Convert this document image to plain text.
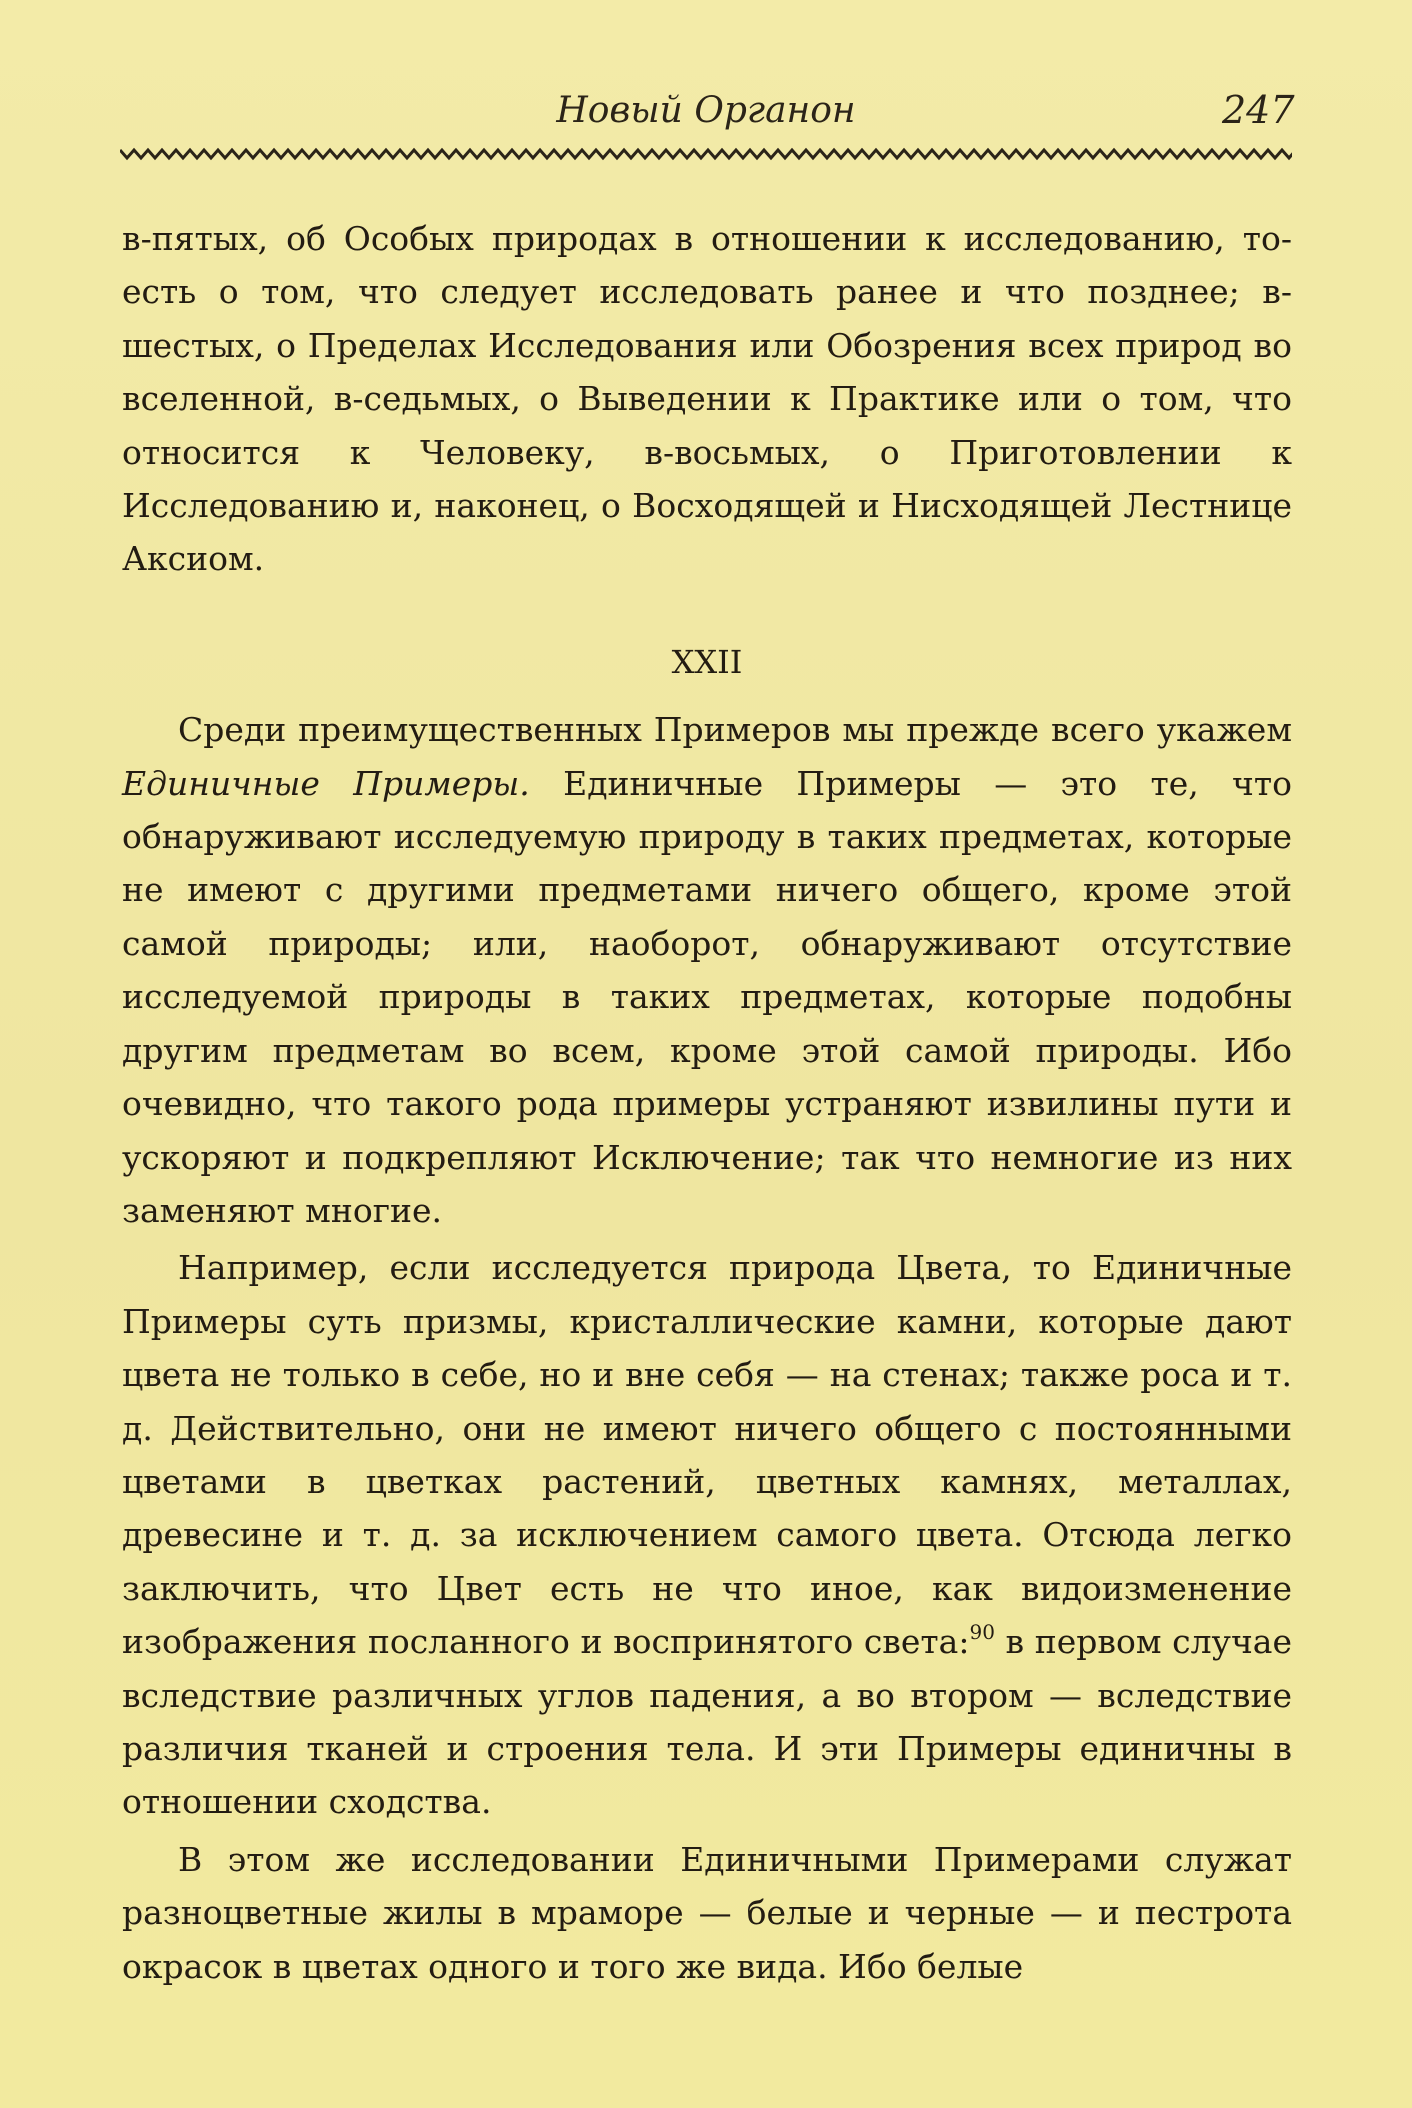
Новый Органон	247

в-пятых, об Особых природах в отношении к исследованию, то-есть о том, что следует исследовать ранее и что позднее; в-шестых, о Пределах Исследования или Обозрения всех природ во вселенной, в-седьмых, о Выведении к Практике или о том, что относится к Человеку, в-восьмых, о Приготовлении к Исследованию и, наконец, о Восходящей и Нисходящей Лестнице Аксиом.

XXII

Среди преимущественных Примеров мы прежде всего укажем Единичные Примеры. Единичные Примеры — это те, что обнаруживают исследуемую природу в таких предметах, которые не имеют с другими предметами ничего общего, кроме этой самой природы; или, наоборот, обнаруживают отсутствие исследуемой природы в таких предметах, которые подобны другим предметам во всем, кроме этой самой природы. Ибо очевидно, что такого рода примеры устраняют извилины пути и ускоряют и подкрепляют Исключение; так что немногие из них заменяют многие.

Например, если исследуется природа Цвета, то Единичные Примеры суть призмы, кристаллические камни, которые дают цвета не только в себе, но и вне себя — на стенах; также роса и т. д. Действительно, они не имеют ничего общего с постоянными цветами в цветках растений, цветных камнях, металлах, древесине и т. д. за исключением самого цвета. Отсюда легко заключить, что Цвет есть не что иное, как видоизменение изображения посланного и воспринятого света:$^{90}$ в первом случае вследствие различных углов падения, а во втором — вследствие различия тканей и строения тела. И эти Примеры единичны в отношении сходства.

В этом же исследовании Единичными Примерами служат разноцветные жилы в мраморе — белые и черные — и пестрота окрасок в цветах одного и того же вида. Ибо белые
